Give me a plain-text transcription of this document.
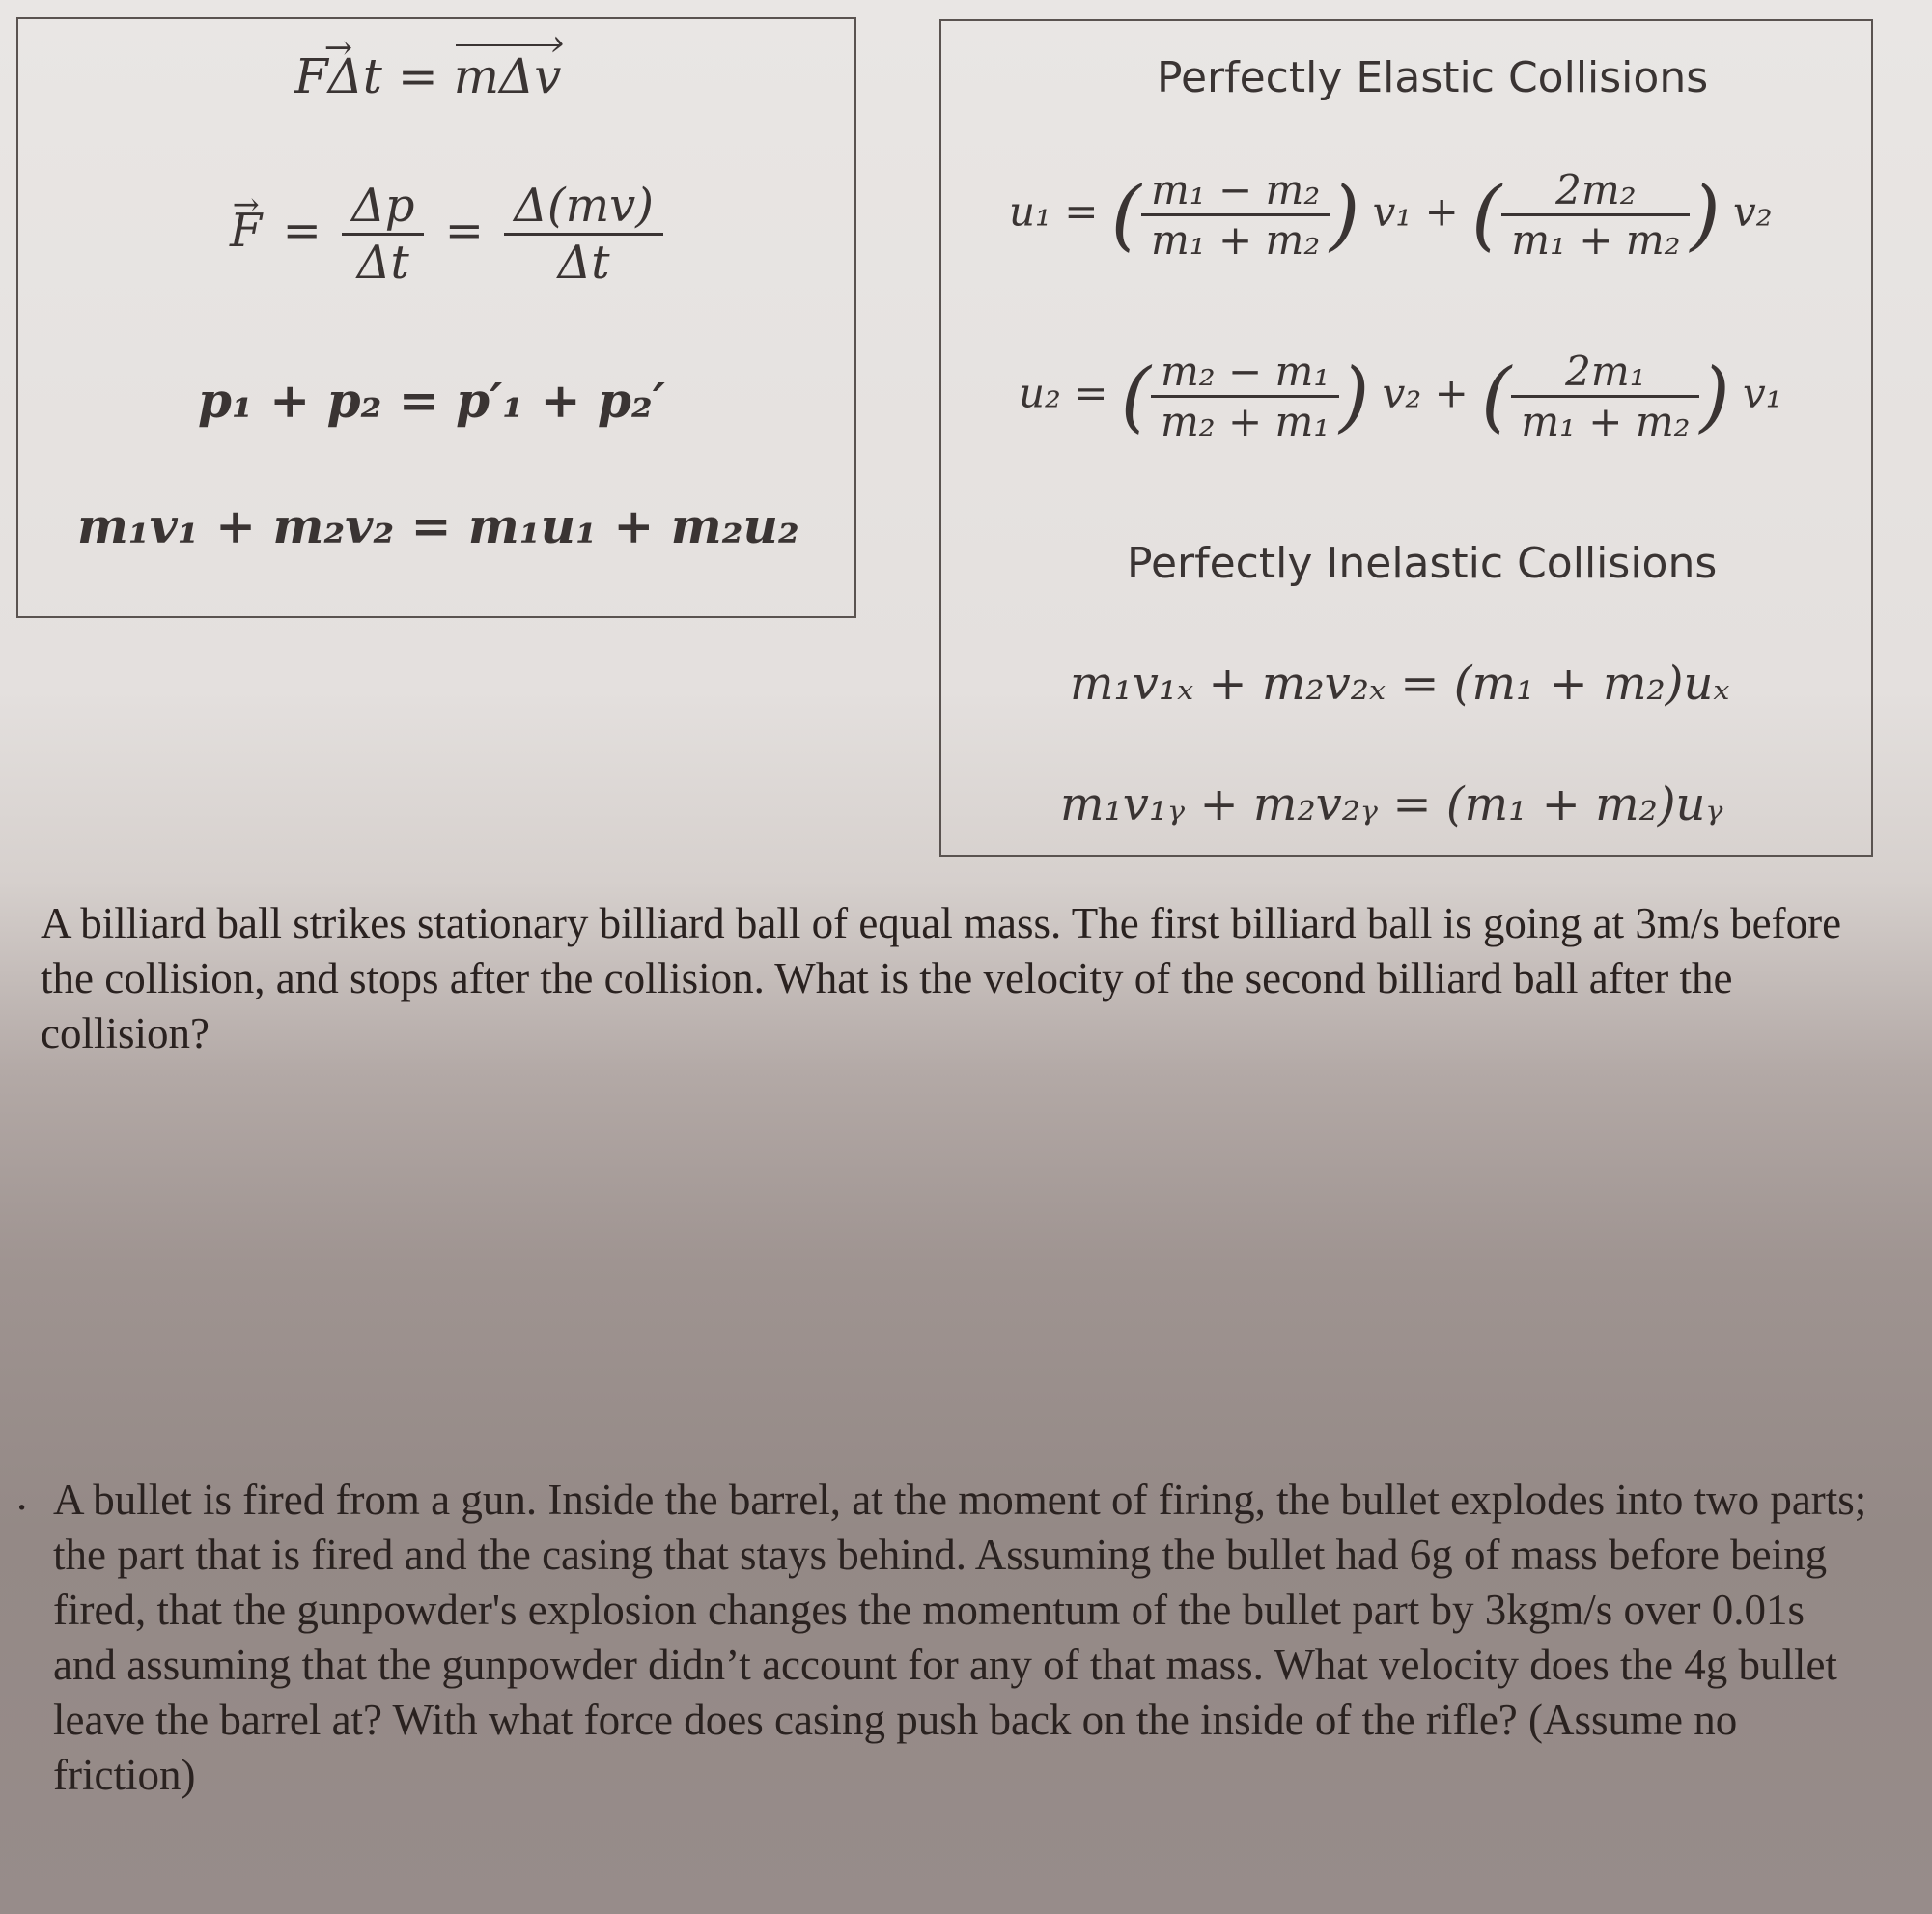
→ FΔt = mΔv ›
→ $F = \frac{\Delta p}{\Delta t} = \frac{\Delta(mv)}{\Delta t}$
p₁ + p₂ = p′₁ + p₂′
m₁v₁ + m₂v₂ = m₁u₁ + m₂u₂
Perfectly Elastic Collisions
u₁ = ( $\frac{\text{m₁ − m₂}}{\text{m₁ + m₂}}$ ) v₁ + ( $\frac{\text{2m₂}}{\text{m₁ + m₂}}$ ) v₂
u₂ = ( $\frac{\text{m₂ − m₁}}{\text{m₂ + m₁}}$ ) v₂ + ( $\frac{\text{2m₁}}{\text{m₁ + m₂}}$ ) v₁
Perfectly Inelastic Collisions
m₁v₁ₓ + m₂v₂ₓ = (m₁ + m₂)uₓ
m₁v₁ᵧ + m₂v₂ᵧ = (m₁ + m₂)uᵧ

A billiard ball strikes stationary billiard ball of equal mass. The first billiard ball is going at 3m/s before the collision, and stops after the collision. What is the velocity of the second billiard ball after the collision?

. A bullet is fired from a gun. Inside the barrel, at the moment of firing, the bullet explodes into two parts; the part that is fired and the casing that stays behind. Assuming the bullet had 6g of mass before being fired, that the gunpowder's explosion changes the momentum of the bullet part by 3kgm/s over 0.01s and assuming that the gunpowder didn’t account for any of that mass. What velocity does the 4g bullet leave the barrel at? With what force does casing push back on the inside of the rifle? (Assume no friction)
